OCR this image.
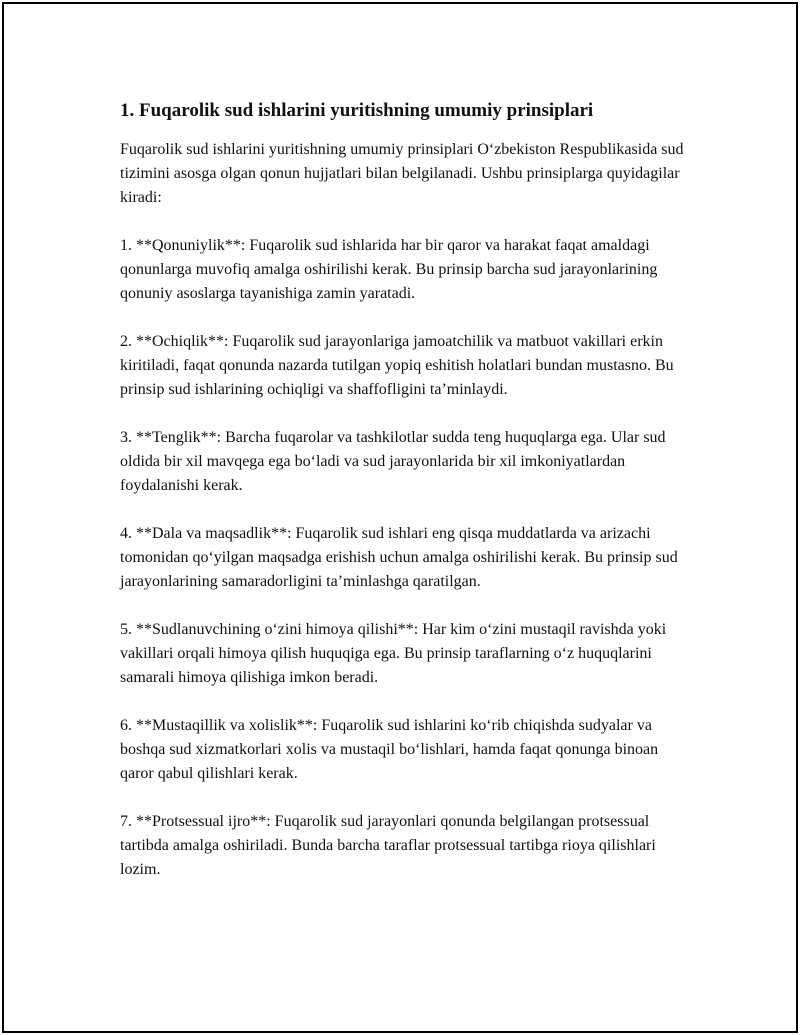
1. Fuqarolik sud ishlarini yuritishning umumiy prinsiplari

Fuqarolik sud ishlarini yuritishning umumiy prinsiplari O‘zbekiston Respublikasida sud tizimini asosga olgan qonun hujjatlari bilan belgilanadi. Ushbu prinsiplarga quyidagilar kiradi:

1. **Qonuniylik**: Fuqarolik sud ishlarida har bir qaror va harakat faqat amaldagi qonunlarga muvofiq amalga oshirilishi kerak. Bu prinsip barcha sud jarayonlarining qonuniy asoslarga tayanishiga zamin yaratadi.

2. **Ochiqlik**: Fuqarolik sud jarayonlariga jamoatchilik va matbuot vakillari erkin kiritiladi, faqat qonunda nazarda tutilgan yopiq eshitish holatlari bundan mustasno. Bu prinsip sud ishlarining ochiqligi va shaffofligini ta’minlaydi.

3. **Tenglik**: Barcha fuqarolar va tashkilotlar sudda teng huquqlarga ega. Ular sud oldida bir xil mavqega ega bo‘ladi va sud jarayonlarida bir xil imkoniyatlardan foydalanishi kerak.

4. **Dala va maqsadlik**: Fuqarolik sud ishlari eng qisqa muddatlarda va arizachi tomonidan qo‘yilgan maqsadga erishish uchun amalga oshirilishi kerak. Bu prinsip sud jarayonlarining samaradorligini ta’minlashga qaratilgan.

5. **Sudlanuvchining o‘zini himoya qilishi**: Har kim o‘zini mustaqil ravishda yoki vakillari orqali himoya qilish huquqiga ega. Bu prinsip taraflarning o‘z huquqlarini samarali himoya qilishiga imkon beradi.

6. **Mustaqillik va xolislik**: Fuqarolik sud ishlarini ko‘rib chiqishda sudyalar va boshqa sud xizmatkorlari xolis va mustaqil bo‘lishlari, hamda faqat qonunga binoan qaror qabul qilishlari kerak.

7. **Protsessual ijro**: Fuqarolik sud jarayonlari qonunda belgilangan protsessual tartibda amalga oshiriladi. Bunda barcha taraflar protsessual tartibga rioya qilishlari lozim.
